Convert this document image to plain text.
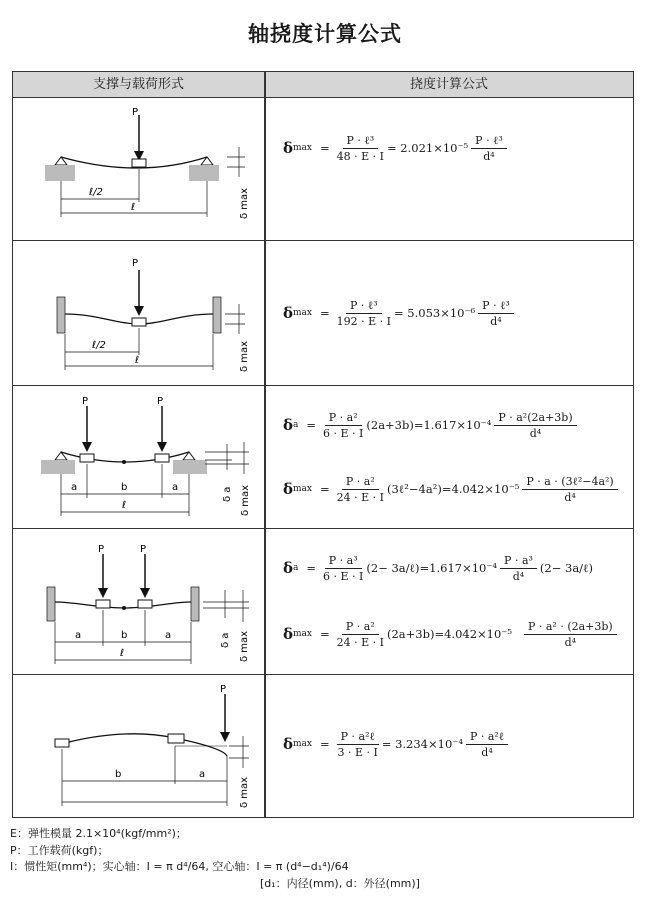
轴挠度计算公式
支撑与载荷形式	挠度计算公式
P
ℓ/2
ℓ	δ max
δ $\max = \frac{\text{P · ℓ³}}{48 \cdot E \cdot I} = 2.021\times 10^{-5} \frac{\text{P · ℓ³}}{\text{d⁴}}$
P
ℓ/2
ℓ	δ max
δ $\max = \frac{\text{P · ℓ³}}{192 \cdot E \cdot I} = 5.053\times 10^{-6} \frac{\text{P · ℓ³}}{\text{d⁴}}$
P	P
a	b	a
ℓ
δ a δ max
δ $a = \frac{\text{P · a²}}{6 \cdot E \cdot I} (2a+3b)=1.617\times 10^{-4} \frac{\text{P · a²(2a+3b)}}{\text{d⁴}}$
δ $\max = \frac{\text{P · a²}}{24 \cdot E \cdot I}$ (3ℓ²−4a²)=4.042×10⁻⁵ $\frac{\text{P · a · (3ℓ²−4a²)}}{\text{d⁴}}$
P	P
a	b	a
ℓ
δ a δ max
δ $a = \frac{\text{P · a³}}{6 \cdot E \cdot I} (2-$ 3a/ℓ)=1.617×10⁻⁴ $\frac{\text{P · a³}}{\text{d⁴}} (2-$ 3a/ℓ)
δ $\max = \frac{\text{P · a²}}{24 \cdot E \cdot I} (2a+3b)=4.042\times 10^{-5} \frac{\text{P · a² · (2a+3b)}}{\text{d⁴}}$
P
b	a
δ max
δ $\max = \frac{\text{P · a²ℓ}}{3 \cdot E \cdot I} = 3.234\times 10^{-4} \frac{\text{P · a²ℓ}}{\text{d⁴}}$
E：弹性模量 2.1×10⁴(kgf/mm²)；
P：工作载荷(kgf)；
I：惯性矩(mm⁴)；实心轴：I = π d⁴/64, 空心轴：I = π (d⁴−d₁⁴)/64
[d₁：内径(mm), d：外径(mm)]
